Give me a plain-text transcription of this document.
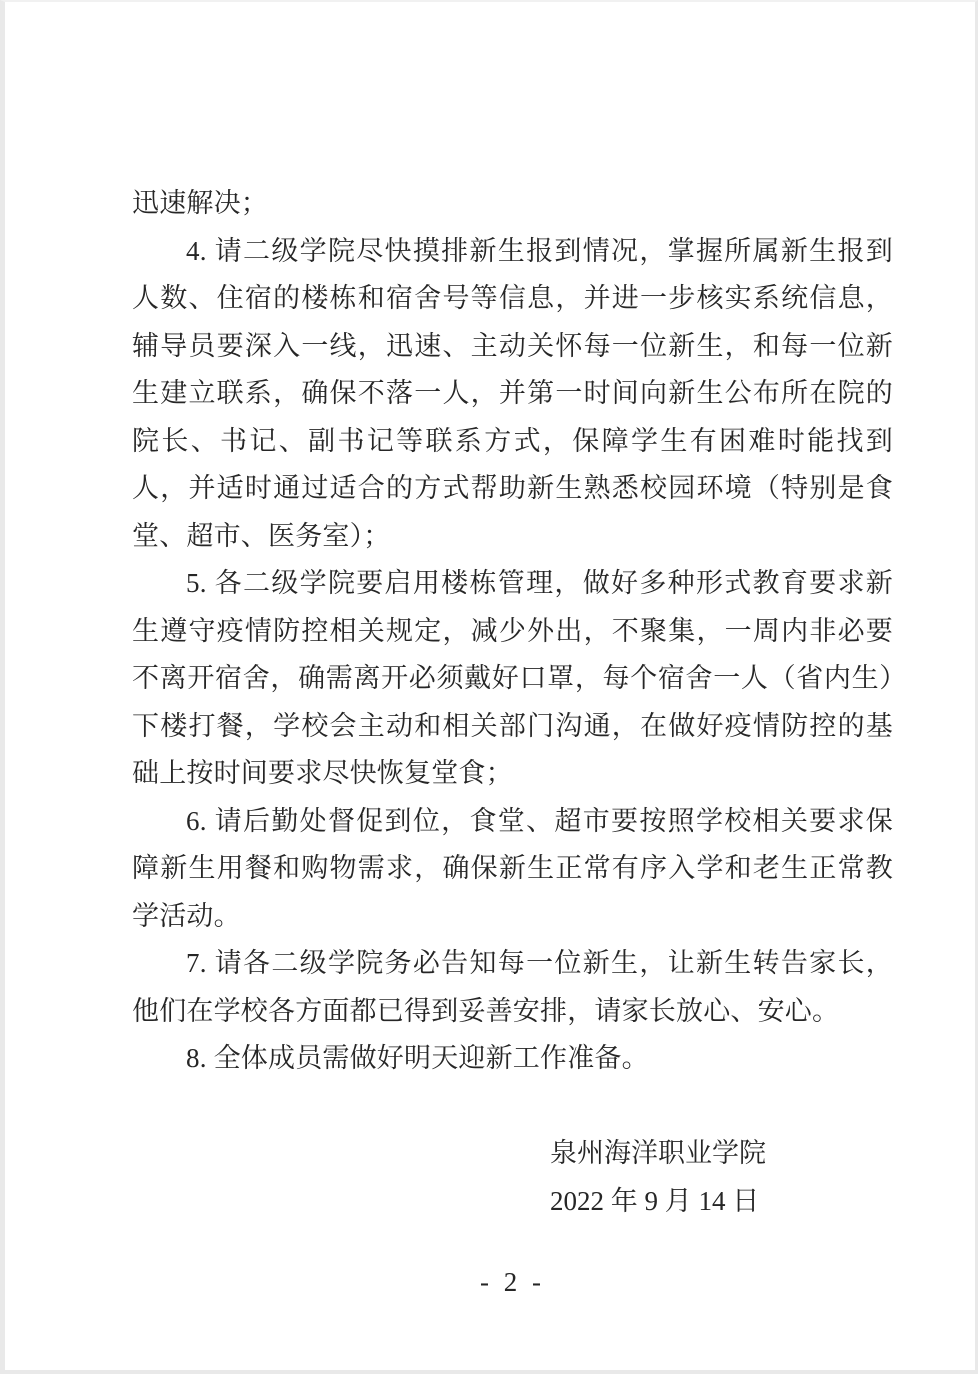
迅速解决；

4. 请二级学院尽快摸排新生报到情况，掌握所属新生报到人数、住宿的楼栋和宿舍号等信息，并进一步核实系统信息，辅导员要深入一线，迅速、主动关怀每一位新生，和每一位新生建立联系，确保不落一人，并第一时间向新生公布所在院的院长、书记、副书记等联系方式，保障学生有困难时能找到人，并适时通过适合的方式帮助新生熟悉校园环境（特别是食堂、超市、医务室）；

5. 各二级学院要启用楼栋管理，做好多种形式教育要求新生遵守疫情防控相关规定，减少外出，不聚集，一周内非必要不离开宿舍，确需离开必须戴好口罩，每个宿舍一人（省内生）下楼打餐，学校会主动和相关部门沟通，在做好疫情防控的基础上按时间要求尽快恢复堂食；

6. 请后勤处督促到位，食堂、超市要按照学校相关要求保障新生用餐和购物需求，确保新生正常有序入学和老生正常教学活动。

7. 请各二级学院务必告知每一位新生，让新生转告家长，他们在学校各方面都已得到妥善安排，请家长放心、安心。

8. 全体成员需做好明天迎新工作准备。

泉州海洋职业学院

2022 年 9 月 14 日

- 2 -
